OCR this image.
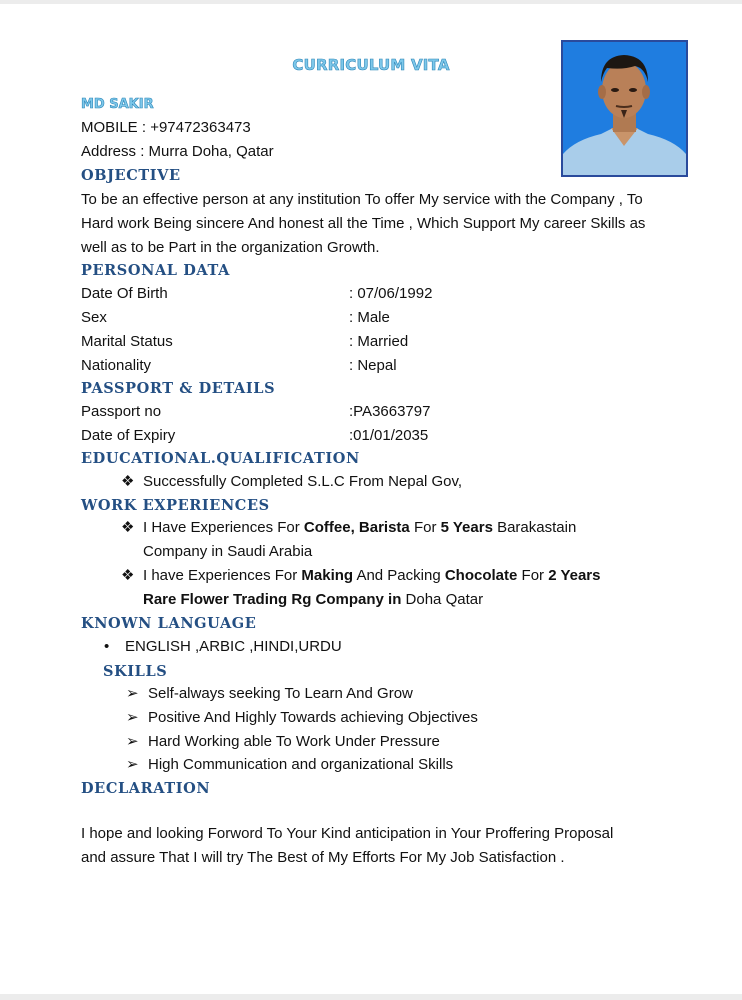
CURRICULUM VITA
MD SAKIR
MOBILE : +97472363473
Address : Murra Doha, Qatar
OBJECTIVE
To be an effective person at any institution To offer My service with the Company , To Hard work Being sincere And honest all the Time , Which Support My career Skills as well as to be Part in the organization Growth.
PERSONAL DATA
Date Of Birth	: 07/06/1992
Sex	: Male
Marital Status	: Married
Nationality	: Nepal
PASSPORT & DETAILS
Passport no	:PA3663797
Date of Expiry	:01/01/2035
EDUCATIONAL.QUALIFICATION
❖ Successfully Completed S.L.C From Nepal Gov,
WORK EXPERIENCES
❖ I Have Experiences For Coffee, Barista For 5 Years Barakastain
Company in Saudi Arabia
❖ I have Experiences For Making And Packing Chocolate For 2 Years
Rare Flower Trading Rg Company in Doha Qatar
KNOWN LANGUAGE
• ENGLISH ,ARBIC ,HINDI,URDU
SKILLS
➢ Self-always seeking To Learn And Grow
➢ Positive And Highly Towards achieving Objectives
➢ Hard Working able To Work Under Pressure
➢ High Communication and organizational Skills
DECLARATION
I hope and looking Forword To Your Kind anticipation in Your Proffering Proposal and assure That I will try The Best of My Efforts For My Job Satisfaction .
